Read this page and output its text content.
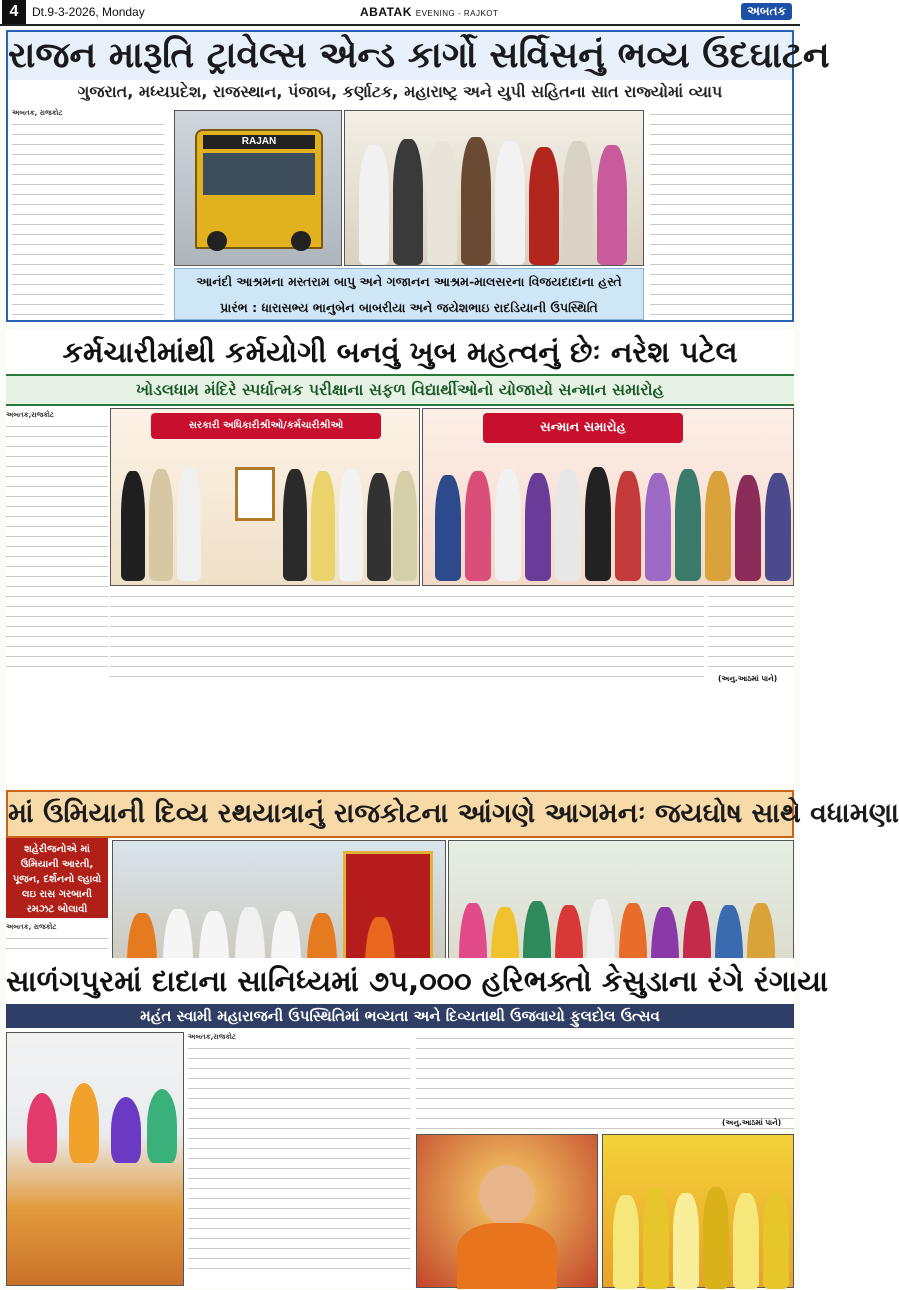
4	Dt.9-3-2026, Monday	ABATAK EVENING - RAJKOT	અબતક
રાજન મારૂતિ ટ્રાવેલ્સ એન્ડ કાર્ગો સર્વિસનું ભવ્ય ઉદઘાટન
ગુજરાત, મધ્યપ્રદેશ, રાજસ્થાન, પંજાબ, કર્ણાટક, મહારાષ્ટ્ર અને યુપી સહિતના સાત રાજ્યોમાં વ્યાપ
અબતક, રાજકોટ
RAJAN
આનંદી આશ્રમના મસ્તરામ બાપુ અને ગજાનન આશ્રમ-માલસરના વિજયદાદાના હસ્તે
પ્રારંભ : ધારાસભ્ય ભાનુબેન બાબરીયા અને જયેશભાઇ રાદડિયાની ઉપસ્થિતિ
કર્મચારીમાંથી કર્મયોગી બનવું ખુબ મહત્વનું છેઃ નરેશ પટેલ
ખોડલધામ મંદિરે સ્પર્ધાત્મક પરીક્ષાના સફળ વિદ્યાર્થીઓનો યોજાયો સન્માન સમારોહ
અબતક,રાજકોટ
સરકારી અધિકારીશ્રીઓ/કર્મચારીશ્રીઓ	સન્માન સમારોહ
(અનુ.આઠમાં પાને)
માં ઉમિયાની દિવ્ય રથયાત્રાનું રાજકોટના આંગણે આગમનઃ જયઘોષ સાથે વધામણા
શહેરીજનોએ માં ઉમિયાની આરતી, પૂજન, દર્શનનો લ્હાવો લઇ રાસ ગરબાની રમઝટ બોલાવી
અબતક, રાજકોટ
સાળંગપુરમાં દાદાના સાનિધ્યમાં ૭૫,૦૦૦ હરિભક્તો કેસુડાના રંગે રંગાયા
મહંત સ્વામી મહારાજની ઉપસ્થિતિમાં ભવ્યતા અને દિવ્યતાથી ઉજવાયો ફુલદોલ ઉત્સવ
અબતક,રાજકોટ
(અનુ.આઠમાં પાને)
